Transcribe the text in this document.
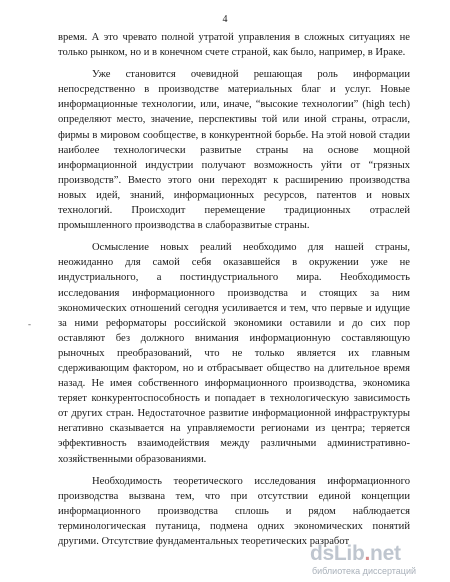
4

время. А это чревато полной утратой управления в сложных ситуациях не только рынком, но и в конечном счете страной, как было, например, в Ираке.

Уже становится очевидной решающая роль информации непосредственно в производстве материальных благ и услуг. Новые информационные технологии, или, иначе, “высокие технологии” (high tech) определяют место, значение, перспективы той или иной страны, отрасли, фирмы в мировом сообществе, в конкурентной борьбе. На этой новой стадии наиболее технологически развитые страны на основе мощной информационной индустрии получают возможность уйти от “грязных производств”. Вместо этого они переходят к расширению производства новых идей, знаний, информационных ресурсов, патентов и новых технологий. Происходит перемещение традиционных отраслей промышленного производства в слаборазвитые страны.

Осмысление новых реалий необходимо для нашей страны, неожиданно для самой себя оказавшейся в окружении уже не индустриального, а постиндустриального мира. Необходимость исследования информационного производства и стоящих за ним экономических отношений сегодня усиливается и тем, что первые и идущие за ними реформаторы российской экономики оставили и до сих пор оставляют без должного внимания информационную составляющую рыночных преобразований, что не только является их главным сдерживающим фактором, но и отбрасывает общество на длительное время назад. Не имея собственного информационного производства, экономика теряет конкурентоспособность и попадает в технологическую зависимость от других стран. Недостаточное развитие информационной инфраструктуры негативно сказывается на управляемости регионами из центра; теряется эффективность взаимодействия между различными административно-хозяйственными образованиями.

Необходимость теоретического исследования информационного производства вызвана тем, что при отсутствии единой концепции информационного производства сплошь и рядом наблюдается терминологическая путаница, подмена одних экономических понятий другими. Отсутствие фундаментальных теоретических разработ

-
dsLib.net
библиотека диссертаций
